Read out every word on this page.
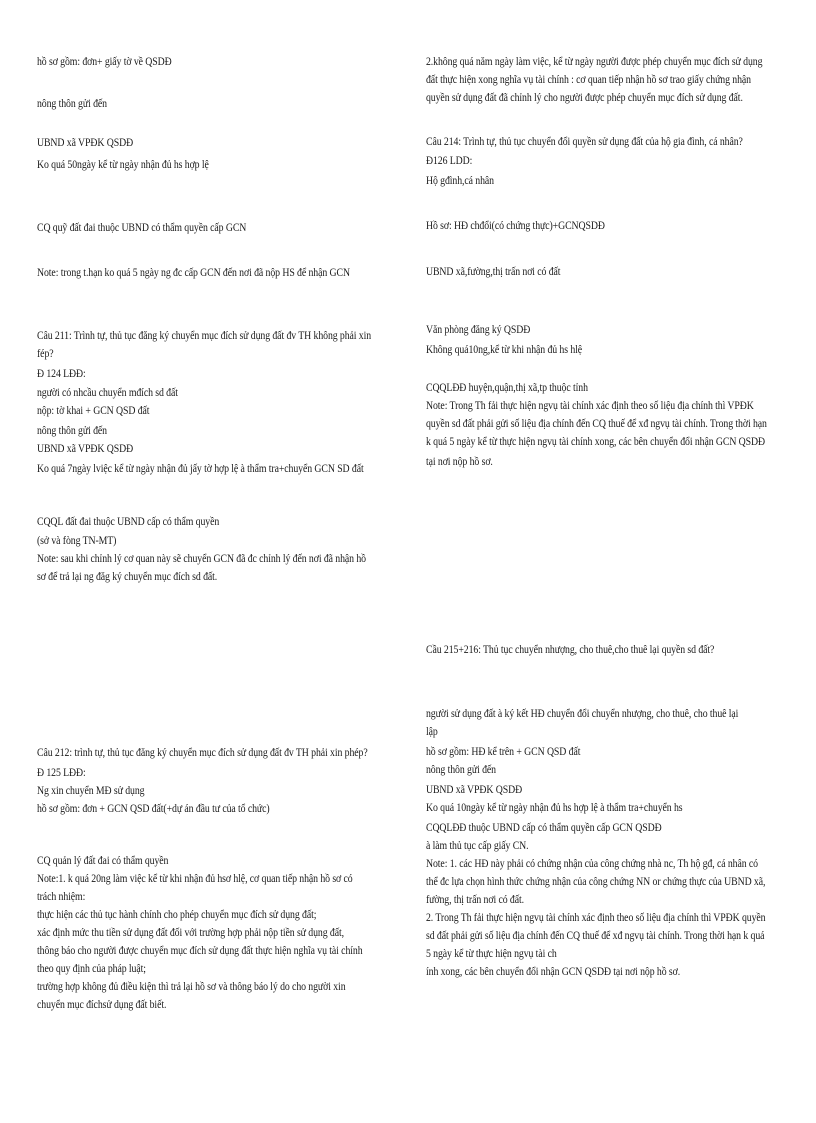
hồ sơ gồm: đơn+ giấy tờ về QSDĐ
nông thôn gửi đến
UBND xã VPĐK QSDĐ
Ko quá 50ngày kể từ ngày nhận đủ hs hợp lệ
CQ quỹ đất đai thuộc UBND có thẩm quyền cấp GCN
Note: trong t.hạn ko quá 5 ngày ng đc cấp GCN đến nơi đã nộp HS để nhận GCN
Câu 211: Trình tự, thủ tục đăng ký chuyển mục đích sử dụng đất đv TH không phải xin
fép?
Đ 124 LĐĐ:
người có nhcầu chuyển mđích sd đất
nộp: tờ khai + GCN QSD đất
nông thôn gửi đến
UBND xã VPĐK QSDĐ
Ko quá 7ngày lviệc kể từ ngày nhận đủ jấy tờ hợp lệ à thẩm tra+chuyển GCN SD đất
CQQL đất đai thuộc UBND cấp có thẩm quyền
(sở và fòng TN-MT)
Note: sau khi chỉnh lý cơ quan này sẽ chuyển GCN đã đc chỉnh lý đến nơi đã nhận hồ
sơ để trả lại ng đăg ký chuyển mục đích sd đất.
Câu 212: trình tự, thủ tục đăng ký chuyển mục đích sử dụng đất đv TH phải xin phép?
Đ 125 LĐĐ:
Ng xin chuyển MĐ sử dụng
hồ sơ gồm: đơn + GCN QSD đất(+dự án đầu tư của tổ chức)
CQ quản lý đất đai có thẩm quyền
Note:1. k quá 20ng làm việc kể từ khi nhận đủ hsơ hlệ, cơ quan tiếp nhận hồ sơ có
trách nhiệm:
thực hiện các thủ tục hành chính cho phép chuyển mục đích sử dụng đất;
xác định mức thu tiền sử dụng đất đối với trường hợp phải nộp tiền sử dụng đất,
thông báo cho người được chuyển mục đích sử dụng đất thực hiện nghĩa vụ tài chính
theo quy định của pháp luật;
trường hợp không đủ điều kiện thì trả lại hồ sơ và thông báo lý do cho người xin
chuyển mục đíchsử dụng đất biết.
2.không quá năm ngày làm việc, kể từ ngày người được phép chuyển mục đích sử dụng
đất thực hiện xong nghĩa vụ tài chính : cơ quan tiếp nhận hồ sơ trao giấy chứng nhận
quyền sử dụng đất đã chỉnh lý cho người được phép chuyển mục đích sử dụng đất.
Câu 214: Trình tự, thủ tục chuyển đổi quyền sử dụng đất của hộ gia đình, cá nhân?
Đ126 LDD:
Hộ gđình,cá nhân
Hồ sơ: HĐ chđổi(có chứng thực)+GCNQSDĐ
UBND xã,fường,thị trấn nơi có đất
Văn phòng đăng ký QSDĐ
Không quá10ng,kể từ khi nhận đủ hs hlệ
CQQLĐĐ huyện,quận,thị xã,tp thuộc tỉnh
Note: Trong Th fải thực hiện ngvụ tài chính xác định theo số liệu địa chính thì VPĐK
quyền sd đất phải gửi số liệu địa chính đến CQ thuế để xđ ngvụ tài chính. Trong thời hạn
k quá 5 ngày kể từ thực hiện ngvụ tài chính xong, các bên chuyển đổi nhận GCN QSDĐ
tại nơi nộp hồ sơ.
Cầu 215+216: Thủ tục chuyển nhượng, cho thuê,cho thuê lại quyền sd đất?
người sử dụng đất à ký kết HĐ chuyển đổi chuyển nhượng, cho thuê, cho thuê lại
lập
hồ sơ gồm: HĐ kể trên + GCN QSD đất
nông thôn gửi đến
UBND xã VPĐK QSDĐ
Ko quá 10ngày kể từ ngày nhận đủ hs hợp lệ à thẩm tra+chuyển hs
CQQLĐĐ thuộc UBND cấp có thẩm quyền cấp GCN QSDĐ
à làm thủ tục cấp giấy CN.
Note: 1. các HĐ này phải có chứng nhận của công chứng nhà nc, Th hộ gđ, cá nhân có
thể đc lựa chọn hình thức chứng nhận của công chứng NN or chứng thực của UBND xã,
fường, thị trấn nơi có đất.
2. Trong Th fải thực hiện ngvụ tài chính xác định theo số liệu địa chính thì VPĐK quyền
sd đất phải gửi số liệu địa chính đến CQ thuế để xđ ngvụ tài chính. Trong thời hạn k quá
5 ngày kể từ thực hiện ngvụ tài ch
ính xong, các bên chuyển đổi nhận GCN QSDĐ tại nơi nộp hồ sơ.
